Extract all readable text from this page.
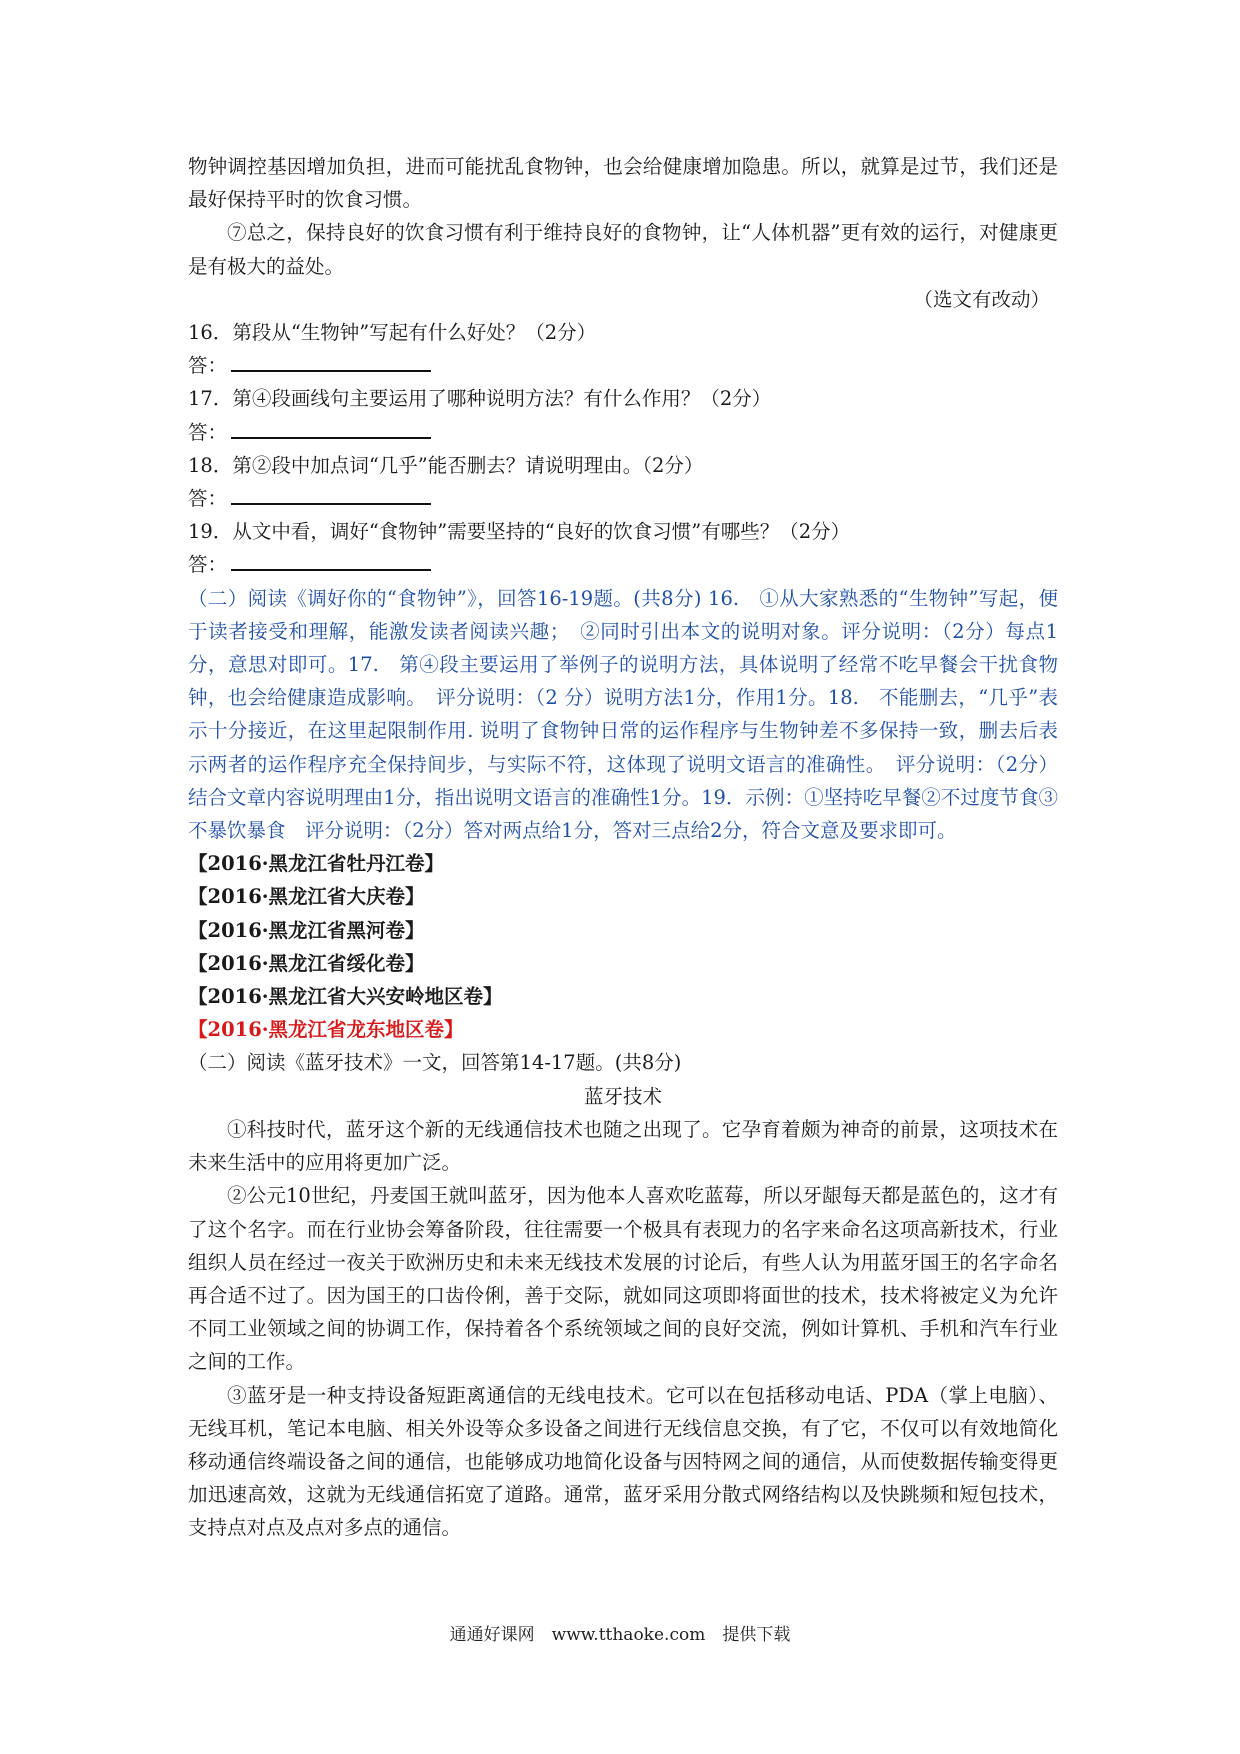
物钟调控基因增加负担，进而可能扰乱食物钟，也会给健康增加隐患。所以，就算是过节，我们还是最好保持平时的饮食习惯。

⑦总之，保持良好的饮食习惯有利于维持良好的食物钟，让“人体机器”更有效的运行，对健康更是有极大的益处。

（选文有改动）

16．第段从“生物钟”写起有什么好处？（2分）

答：

17．第④段画线句主要运用了哪种说明方法？有什么作用？（2分）

答：

18．第②段中加点词“几乎”能否删去？请说明理由。（2分）

答：

19．从文中看，调好“食物钟”需要坚持的“良好的饮食习惯”有哪些？（2分）

答：

（二）阅读《调好你的“食物钟”》，回答16-19题。(共8分) 16.　①从大家熟悉的“生物钟”写起，便于读者接受和理解，能激发读者阅读兴趣；　②同时引出本文的说明对象。评分说明：（2分）每点1分，意思对即可。17.　第④段主要运用了举例子的说明方法，具体说明了经常不吃早餐会干扰食物钟，也会给健康造成影响。　评分说明：（2 分）说明方法1分，作用1分。18.　不能删去，“几乎”表示十分接近，在这里起限制作用. 说明了食物钟日常的运作程序与生物钟差不多保持一致，删去后表示两者的运作程序充全保持间步，与实际不符，这体现了说明文语言的准确性。　评分说明：（2分）结合文章内容说明理由1分，指出说明文语言的准确性1分。19．示例：①坚持吃早餐②不过度节食③不暴饮暴食　评分说明：（2分）答对两点给1分，答对三点给2分，符合文意及要求即可。

【2016·黑龙江省牡丹江卷】

【2016·黑龙江省大庆卷】

【2016·黑龙江省黑河卷】

【2016·黑龙江省绥化卷】

【2016·黑龙江省大兴安岭地区卷】

【2016·黑龙江省龙东地区卷】

（二）阅读《蓝牙技术》一文，回答第14-17题。(共8分)

蓝牙技术

①科技时代，蓝牙这个新的无线通信技术也随之出现了。它孕育着颇为神奇的前景，这项技术在未来生活中的应用将更加广泛。

②公元10世纪，丹麦国王就叫蓝牙，因为他本人喜欢吃蓝莓，所以牙龈每天都是蓝色的，这才有了这个名字。而在行业协会筹备阶段，往往需要一个极具有表现力的名字来命名这项高新技术，行业组织人员在经过一夜关于欧洲历史和未来无线技术发展的讨论后，有些人认为用蓝牙国王的名字命名再合适不过了。因为国王的口齿伶俐，善于交际，就如同这项即将面世的技术，技术将被定义为允许不同工业领域之间的协调工作，保持着各个系统领域之间的良好交流，例如计算机、手机和汽车行业之间的工作。

③蓝牙是一种支持设备短距离通信的无线电技术。它可以在包括移动电话、PDA（掌上电脑）、无线耳机，笔记本电脑、相关外设等众多设备之间进行无线信息交换，有了它，不仅可以有效地简化移动通信终端设备之间的通信，也能够成功地简化设备与因特网之间的通信，从而使数据传输变得更加迅速高效，这就为无线通信拓宽了道路。通常，蓝牙采用分散式网络结构以及快跳频和短包技术，支持点对点及点对多点的通信。

通通好课网　www.tthaoke.com　提供下载
